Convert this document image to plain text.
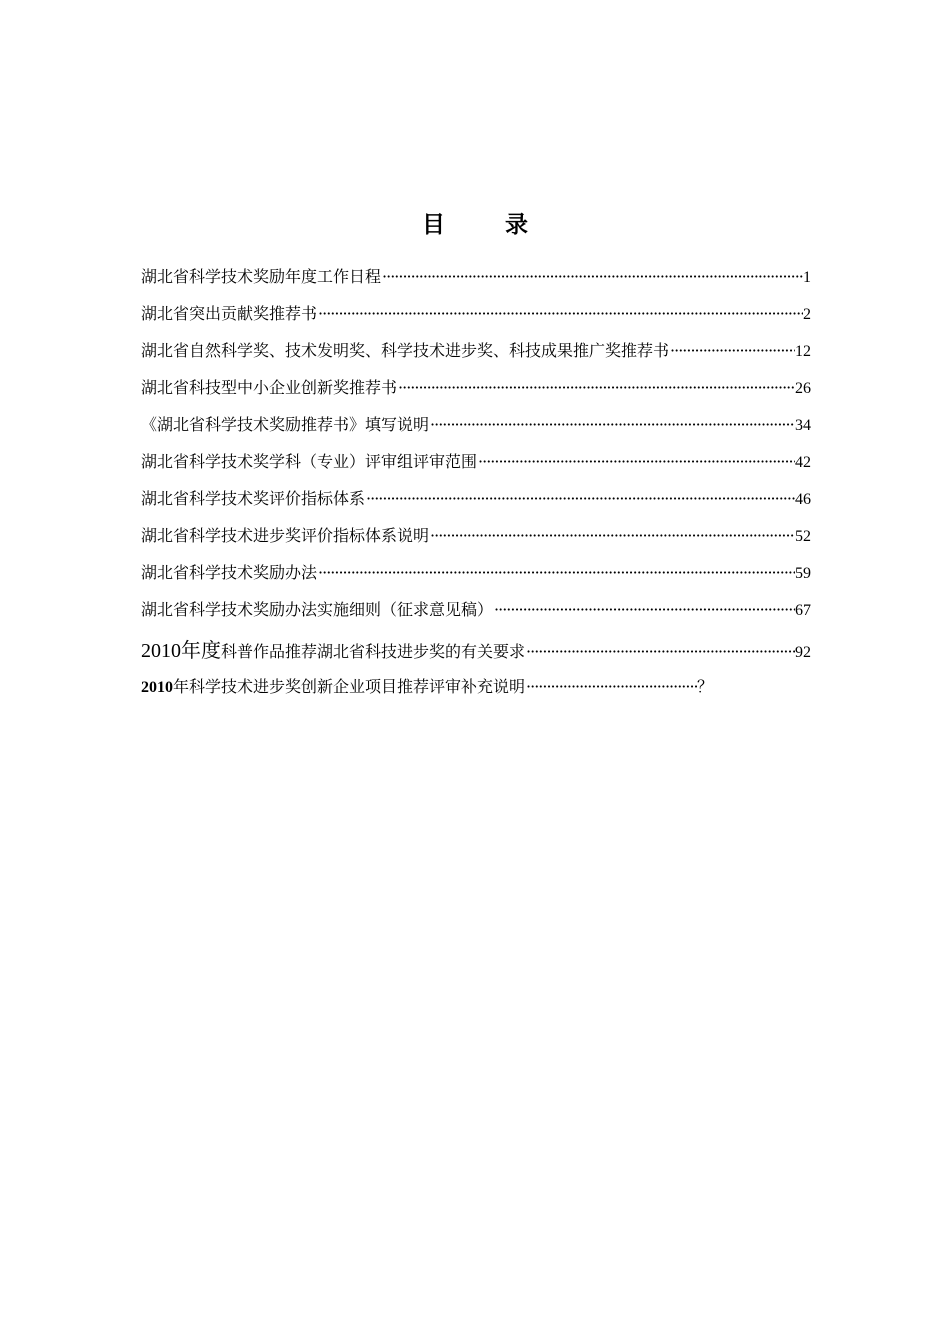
目 录
湖北省科学技术奖励年度工作日程 ·····	1
湖北省突出贡献奖推荐书 ·····	2
湖北省自然科学奖、技术发明奖、科学技术进步奖、科技成果推广奖推荐书 ·····	12
湖北省科技型中小企业创新奖推荐书 ·····	26
《湖北省科学技术奖励推荐书》填写说明 ·····	34
湖北省科学技术奖学科（专业）评审组评审范围 ·····	42
湖北省科学技术奖评价指标体系 ·····	46
湖北省科学技术进步奖评价指标体系说明 ·····	52
湖北省科学技术奖励办法 ·····	59
湖北省科学技术奖励办法实施细则（征求意见稿） ·····	67
2010年度 科普作品推荐湖北省科技进步奖的有关要求 ·····	92
2010 年科学技术进步奖创新企业项目推荐评审补充说明 ·····	？
